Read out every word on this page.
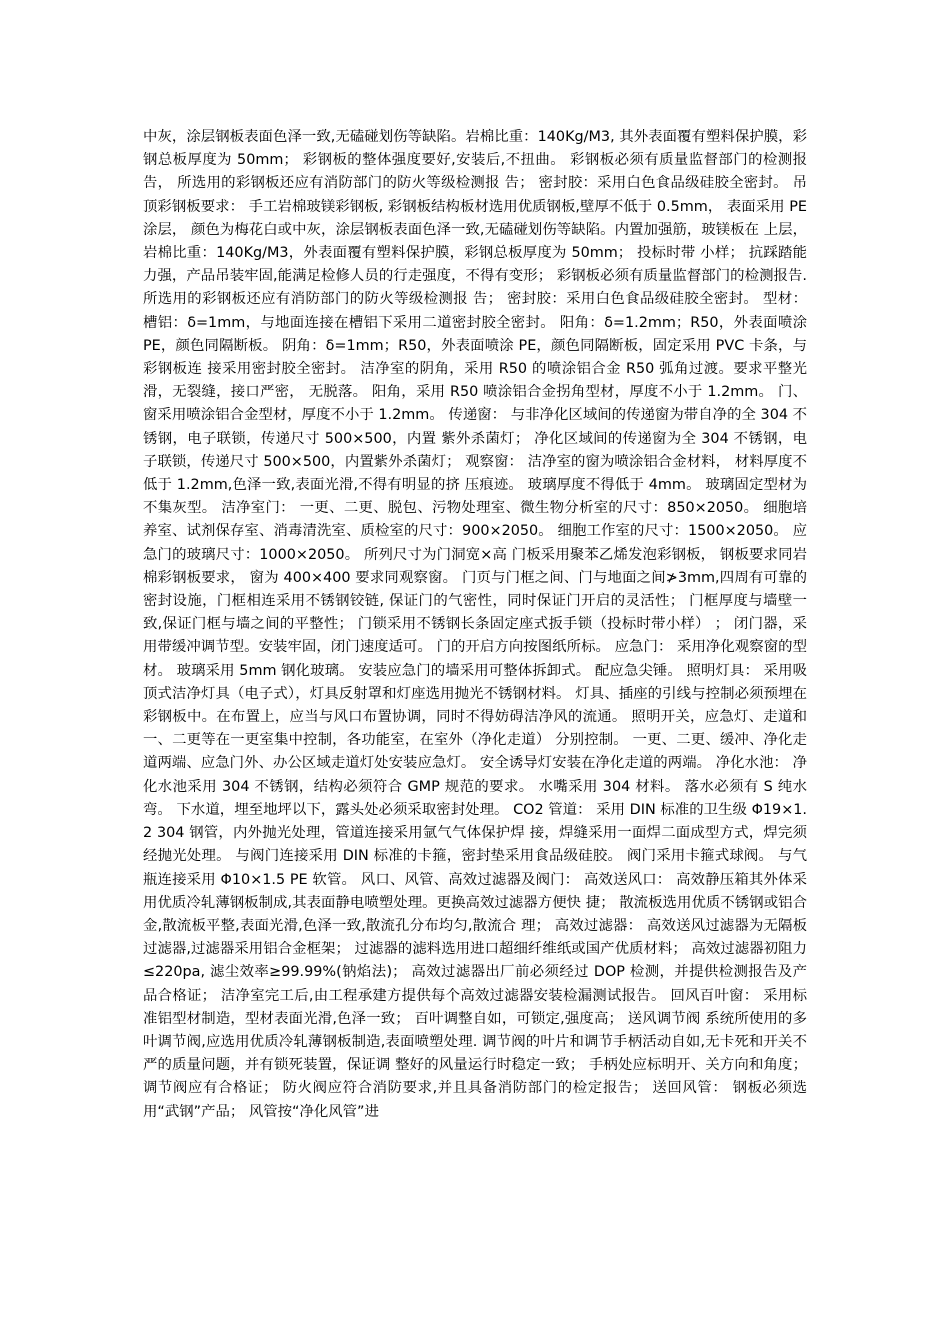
中灰，涂层钢板表面色泽一致,无磕碰划伤等缺陷。岩棉比重：140Kg/M3, 其外表面覆有塑料保护膜，彩钢总板厚度为 50mm； 彩钢板的整体强度要好,安装后,不扭曲。 彩钢板必须有质量监督部门的检测报告， 所选用的彩钢板还应有消防部门的防火等级检测报 告； 密封胶：采用白色食品级硅胶全密封。 吊顶彩钢板要求： 手工岩棉玻镁彩钢板, 彩钢板结构板材选用优质钢板,壁厚不低于 0.5mm， 表面采用 PE 涂层， 颜色为梅花白或中灰，涂层钢板表面色泽一致,无磕碰划伤等缺陷。内置加强筋，玻镁板在 上层，岩棉比重：140Kg/M3，外表面覆有塑料保护膜，彩钢总板厚度为 50mm； 投标时带 小样； 抗踩踏能力强，产品吊装牢固,能满足检修人员的行走强度，不得有变形； 彩钢板必须有质量监督部门的检测报告.所选用的彩钢板还应有消防部门的防火等级检测报 告； 密封胶：采用白色食品级硅胶全密封。 型材： 槽铝：δ=1mm，与地面连接在槽铝下采用二道密封胶全密封。 阳角：δ=1.2mm；R50，外表面喷涂 PE，颜色同隔断板。 阴角：δ=1mm；R50，外表面喷涂 PE，颜色同隔断板，固定采用 PVC 卡条，与彩钢板连 接采用密封胶全密封。 洁净室的阴角，采用 R50 的喷涂铝合金 R50 弧角过渡。要求平整光滑，无裂缝，接口严密， 无脱落。 阳角，采用 R50 喷涂铝合金拐角型材，厚度不小于 1.2mm。 门、窗采用喷涂铝合金型材，厚度不小于 1.2mm。 传递窗： 与非净化区域间的传递窗为带自净的全 304 不锈钢，电子联锁，传递尺寸 500×500，内置 紫外杀菌灯； 净化区域间的传递窗为全 304 不锈钢，电子联锁，传递尺寸 500×500，内置紫外杀菌灯； 观察窗： 洁净室的窗为喷涂铝合金材料， 材料厚度不低于 1.2mm,色泽一致,表面光滑,不得有明显的挤 压痕迹。 玻璃厚度不得低于 4mm。 玻璃固定型材为不集灰型。 洁净室门： 一更、二更、脱包、污物处理室、微生物分析室的尺寸：850×2050。 细胞培养室、试剂保存室、消毒清洗室、质检室的尺寸：900×2050。 细胞工作室的尺寸：1500×2050。 应急门的玻璃尺寸：1000×2050。 所列尺寸为门洞宽×高 门板采用聚苯乙烯发泡彩钢板， 钢板要求同岩棉彩钢板要求， 窗为 400×400 要求同观察窗。 门页与门框之间、门与地面之间≯3mm,四周有可靠的密封设施，门框相连采用不锈钢铰链, 保证门的气密性，同时保证门开启的灵活性； 门框厚度与墙壁一致,保证门框与墙之间的平整性； 门锁采用不锈钢长条固定座式扳手锁（投标时带小样） ； 闭门器，采用带缓冲调节型。安装牢固，闭门速度适可。 门的开启方向按图纸所标。 应急门： 采用净化观察窗的型材。 玻璃采用 5mm 钢化玻璃。 安装应急门的墙采用可整体拆卸式。 配应急尖锤。 照明灯具： 采用吸顶式洁净灯具（电子式），灯具反射罩和灯座选用抛光不锈钢材料。 灯具、插座的引线与控制必须预埋在彩钢板中。在布置上，应当与风口布置协调，同时不得妨碍洁净风的流通。 照明开关，应急灯、走道和一、二更等在一更室集中控制，各功能室，在室外（净化走道） 分别控制。 一更、二更、缓冲、净化走道两端、应急门外、办公区域走道灯处安装应急灯。 安全诱导灯安装在净化走道的两端。 净化水池： 净化水池采用 304 不锈钢，结构必须符合 GMP 规范的要求。 水嘴采用 304 材料。 落水必须有 S 纯水弯。 下水道，埋至地坪以下，露头处必须采取密封处理。 CO2 管道： 采用 DIN 标准的卫生级 Φ19×1.2 304 钢管，内外抛光处理，管道连接采用氩气气体保护焊 接，焊缝采用一面焊二面成型方式，焊完须经抛光处理。 与阀门连接采用 DIN 标准的卡箍，密封垫采用食品级硅胶。 阀门采用卡箍式球阀。 与气瓶连接采用 Φ10×1.5 PE 软管。 风口、风管、高效过滤器及阀门： 高效送风口： 高效静压箱其外体采用优质冷轧薄钢板制成,其表面静电喷塑处理。更换高效过滤器方便快 捷； 散流板选用优质不锈钢或铝合金,散流板平整,表面光滑,色泽一致,散流孔分布均匀,散流合 理； 高效过滤器： 高效送风过滤器为无隔板过滤器,过滤器采用铝合金框架； 过滤器的滤料选用进口超细纤维纸或国产优质材料； 高效过滤器初阻力≤220pa, 滤尘效率≥99.99%(钠焰法)； 高效过滤器出厂前必须经过 DOP 检测，并提供检测报告及产品合格证； 洁净室完工后,由工程承建方提供每个高效过滤器安装检漏测试报告。 回风百叶窗： 采用标准铝型材制造，型材表面光滑,色泽一致； 百叶调整自如，可锁定,强度高； 送风调节阀 系统所使用的多叶调节阀,应选用优质冷轧薄钢板制造,表面喷塑处理. 调节阀的叶片和调节手柄活动自如,无卡死和开关不严的质量问题，并有锁死装置，保证调 整好的风量运行时稳定一致； 手柄处应标明开、关方向和角度； 调节阀应有合格证； 防火阀应符合消防要求,并且具备消防部门的检定报告； 送回风管： 钢板必须选用“武钢”产品； 风管按“净化风管”进
